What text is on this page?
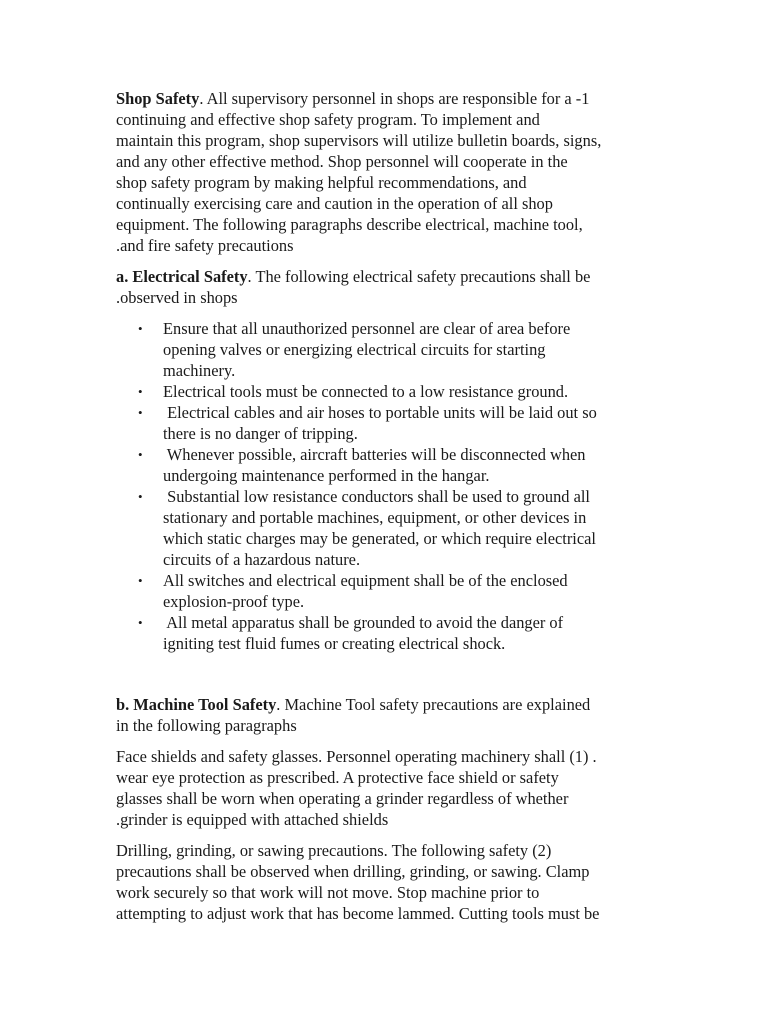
Shop Safety. All supervisory personnel in shops are responsible for a -1
continuing and effective shop safety program. To implement and
maintain this program, shop supervisors will utilize bulletin boards, signs,
and any other effective method. Shop personnel will cooperate in the
shop safety program by making helpful recommendations, and
continually exercising care and caution in the operation of all shop
equipment. The following paragraphs describe electrical, machine tool,
.and fire safety precautions

a. Electrical Safety. The following electrical safety precautions shall be
.observed in shops

• Ensure that all unauthorized personnel are clear of area before
opening valves or energizing electrical circuits for starting
machinery.
• Electrical tools must be connected to a low resistance ground.
• Electrical cables and air hoses to portable units will be laid out so
there is no danger of tripping.
• Whenever possible, aircraft batteries will be disconnected when
undergoing maintenance performed in the hangar.
• Substantial low resistance conductors shall be used to ground all
stationary and portable machines, equipment, or other devices in
which static charges may be generated, or which require electrical
circuits of a hazardous nature.
• All switches and electrical equipment shall be of the enclosed
explosion-proof type.
• All metal apparatus shall be grounded to avoid the danger of
igniting test fluid fumes or creating electrical shock.

b. Machine Tool Safety. Machine Tool safety precautions are explained
in the following paragraphs

Face shields and safety glasses. Personnel operating machinery shall (1) .
wear eye protection as prescribed. A protective face shield or safety
glasses shall be worn when operating a grinder regardless of whether
.grinder is equipped with attached shields

Drilling, grinding, or sawing precautions. The following safety (2)
precautions shall be observed when drilling, grinding, or sawing. Clamp
work securely so that work will not move. Stop machine prior to
attempting to adjust work that has become lammed. Cutting tools must be
